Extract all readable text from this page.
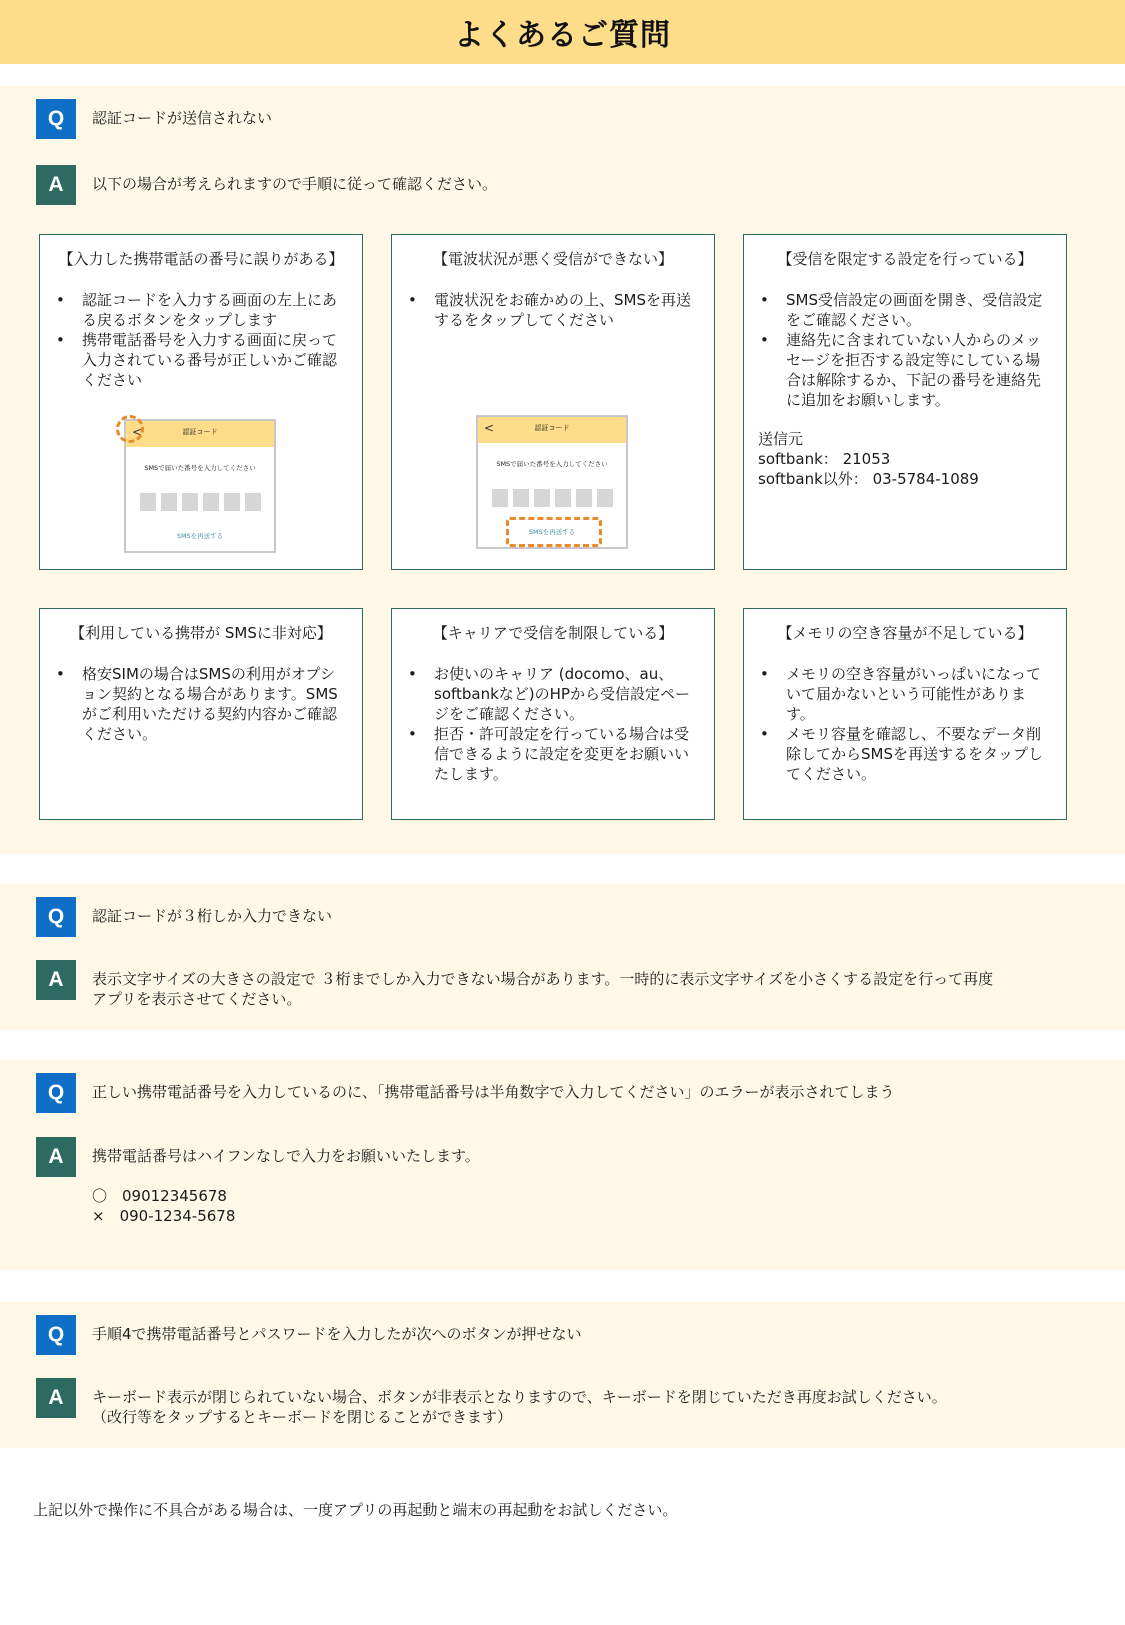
よくあるご質問
Q	認証コードが送信されない
A	以下の場合が考えられますので手順に従って確認ください。
【入力した携帯電話の番号に誤りがある】
• 認証コードを入力する画面の左上にある戻るボタンをタップします
• 携帯電話番号を入力する画面に戻って入力されている番号が正しいかご確認ください
<	認証コード
SMSで届いた番号を入力してください
SMSを再送する
【電波状況が悪く受信ができない】
• 電波状況をお確かめの上、SMSを再送するをタップしてください
<	認証コード
SMSで届いた番号を入力してください
SMSを再送する
【受信を限定する設定を行っている】
• SMS受信設定の画面を開き、受信設定をご確認ください。
• 連絡先に含まれていない人からのメッセージを拒否する設定等にしている場合は解除するか、下記の番号を連絡先に追加をお願いします。
送信元
softbank： 21053
softbank以外： 03-5784-1089
【利用している携帯が SMSに非対応】
• 格安SIMの場合はSMSの利用がオプション契約となる場合があります。SMSがご利用いただける契約内容かご確認ください。
【キャリアで受信を制限している】
• お使いのキャリア (docomo、au、softbankなど)のHPから受信設定ページをご確認ください。
• 拒否・許可設定を行っている場合は受信できるように設定を変更をお願いいたします。
【メモリの空き容量が不足している】
• メモリの空き容量がいっぱいになっていて届かないという可能性があります。
• メモリ容量を確認し、不要なデータ削除してからSMSを再送するをタップしてください。
Q	認証コードが３桁しか入力できない
A	表示文字サイズの大きさの設定で ３桁までしか入力できない場合があります。一時的に表示文字サイズを小さくする設定を行って再度
アプリを表示させてください。
Q	正しい携帯電話番号を入力しているのに、「携帯電話番号は半角数字で入力してください」のエラーが表示されてしまう
A	携帯電話番号はハイフンなしで入力をお願いいたします。
〇　09012345678
×　090-1234-5678
Q	手順4で携帯電話番号とパスワードを入力したが次へのボタンが押せない
A	キーボード表示が閉じられていない場合、ボタンが非表示となりますので、キーボードを閉じていただき再度お試しください。
（改行等をタップするとキーボードを閉じることができます）
上記以外で操作に不具合がある場合は、一度アプリの再起動と端末の再起動をお試しください。
